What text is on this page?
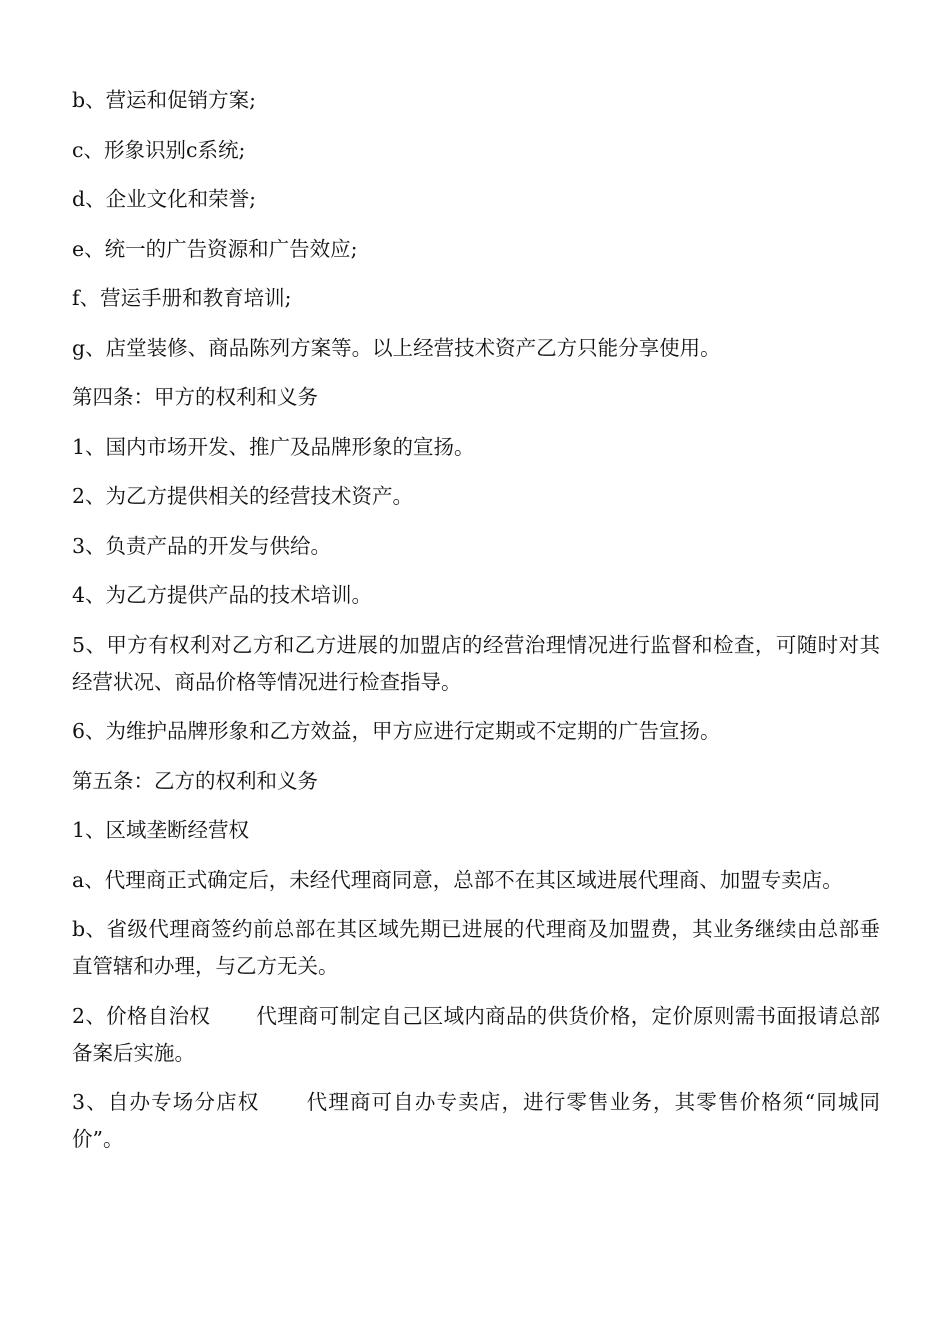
b、营运和促销方案;

c、形象识别c系统;

d、企业文化和荣誉;

e、统一的广告资源和广告效应;

f、营运手册和教育培训;

g、店堂装修、商品陈列方案等。以上经营技术资产乙方只能分享使用。

第四条：甲方的权利和义务

1、国内市场开发、推广及品牌形象的宣扬。

2、为乙方提供相关的经营技术资产。

3、负责产品的开发与供给。

4、为乙方提供产品的技术培训。

5、甲方有权利对乙方和乙方进展的加盟店的经营治理情况进行监督和检查，可随时对其经营状况、商品价格等情况进行检查指导。

6、为维护品牌形象和乙方效益，甲方应进行定期或不定期的广告宣扬。

第五条：乙方的权利和义务

1、区域垄断经营权

a、代理商正式确定后，未经代理商同意，总部不在其区域进展代理商、加盟专卖店。

b、省级代理商签约前总部在其区域先期已进展的代理商及加盟费，其业务继续由总部垂直管辖和办理，与乙方无关。

2、价格自治权 代理商可制定自己区域内商品的供货价格，定价原则需书面报请总部备案后实施。

3、自办专场分店权 代理商可自办专卖店，进行零售业务，其零售价格须“同城同价”。
